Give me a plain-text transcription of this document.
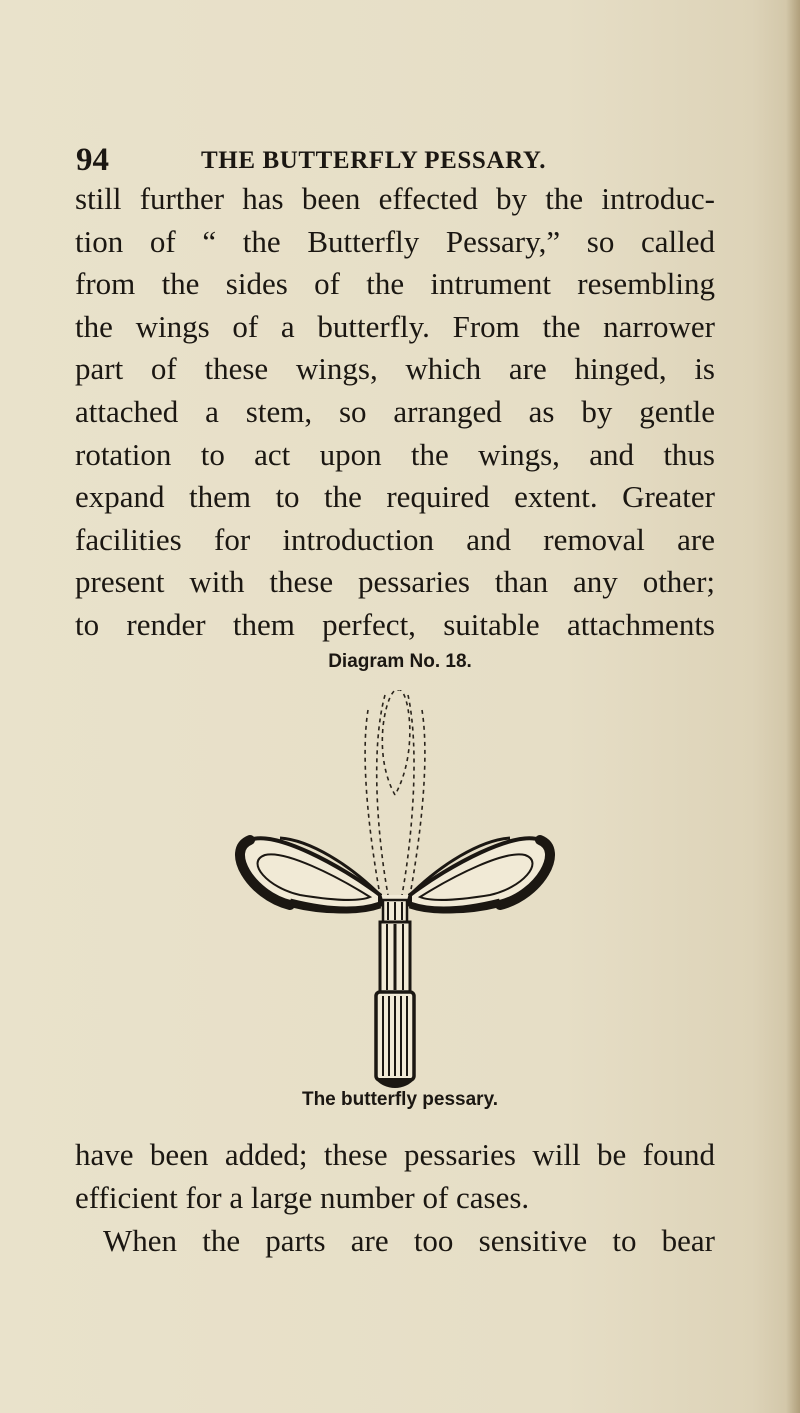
94	THE BUTTERFLY PESSARY.
still further has been effected by the introduc-
tion of “ the Butterfly Pessary,” so called
from the sides of the intrument resembling
the wings of a butterfly. From the narrower
part of these wings, which are hinged, is
attached a stem, so arranged as by gentle
rotation to act upon the wings, and thus
expand them to the required extent. Greater
facilities for introduction and removal are
present with these pessaries than any other;
to render them perfect, suitable attachments
Diagram No. 18.
The butterfly pessary.
have been added; these pessaries will be found
efficient for a large number of cases.
When the parts are too sensitive to bear
